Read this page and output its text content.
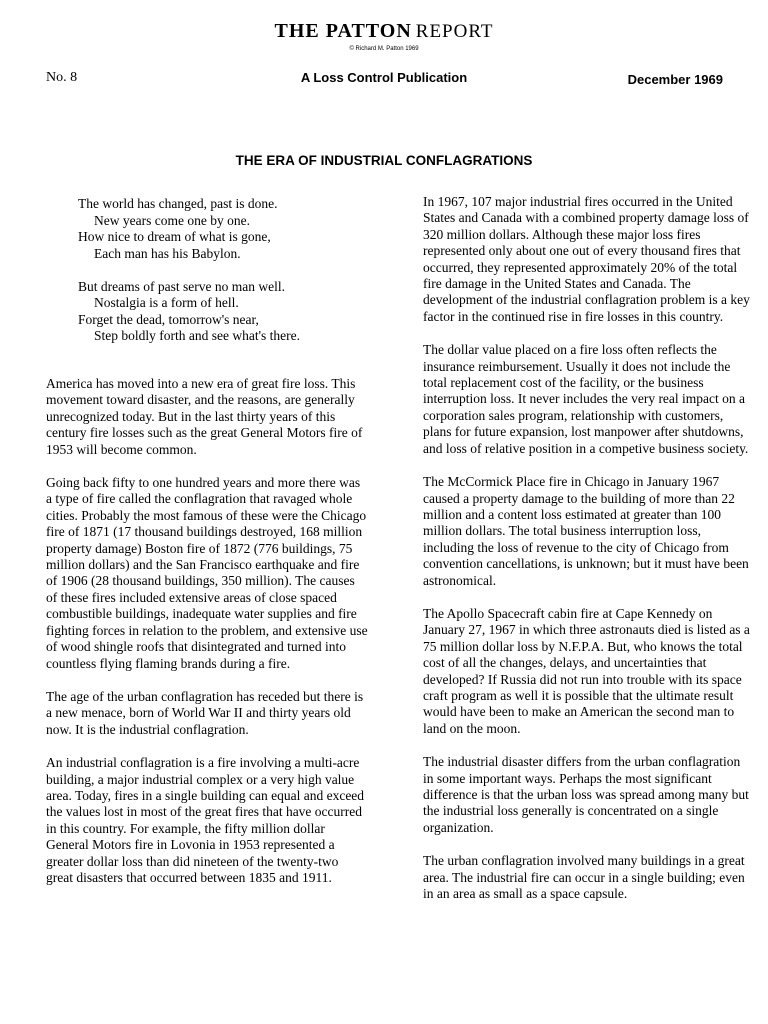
THE PATTON REPORT
© Richard M. Patton 1969
No. 8	A Loss Control Publication	December 1969
THE ERA OF INDUSTRIAL CONFLAGRATIONS
The world has changed, past is done.
New years come one by one.
How nice to dream of what is gone,
Each man has his Babylon.
But dreams of past serve no man well.
Nostalgia is a form of hell.
Forget the dead, tomorrow's near,
Step boldly forth and see what's there.

America has moved into a new era of great fire loss. This movement toward disaster, and the reasons, are generally unrecognized today. But in the last thirty years of this century fire losses such as the great General Motors fire of 1953 will become common.

Going back fifty to one hundred years and more there was a type of fire called the conflagration that ravaged whole cities. Probably the most famous of these were the Chicago fire of 1871 (17 thousand buildings destroyed, 168 million property damage) Boston fire of 1872 (776 buildings, 75 million dollars) and the San Francisco earthquake and fire of 1906 (28 thousand buildings, 350 million). The causes of these fires included extensive areas of close spaced combustible buildings, inadequate water supplies and fire fighting forces in relation to the problem, and extensive use of wood shingle roofs that disintegrated and turned into countless flying flaming brands during a fire.

The age of the urban conflagration has receded but there is a new menace, born of World War II and thirty years old now. It is the industrial conflagration.

An industrial conflagration is a fire involving a multi-acre building, a major industrial complex or a very high value area. Today, fires in a single building can equal and exceed the values lost in most of the great fires that have occurred in this country. For example, the fifty million dollar General Motors fire in Lovonia in 1953 represented a greater dollar loss than did nineteen of the twenty-two great disasters that occurred between 1835 and 1911.

In 1967, 107 major industrial fires occurred in the United States and Canada with a combined property damage loss of 320 million dollars. Although these major loss fires represented only about one out of every thousand fires that occurred, they represented approximately 20% of the total fire damage in the United States and Canada. The development of the industrial conflagration problem is a key factor in the continued rise in fire losses in this country.

The dollar value placed on a fire loss often reflects the insurance reimbursement. Usually it does not include the total replacement cost of the facility, or the business interruption loss. It never includes the very real impact on a corporation sales program, relationship with customers, plans for future expansion, lost manpower after shutdowns, and loss of relative position in a competive business society.

The McCormick Place fire in Chicago in January 1967 caused a property damage to the building of more than 22 million and a content loss estimated at greater than 100 million dollars. The total business interruption loss, including the loss of revenue to the city of Chicago from convention cancellations, is unknown; but it must have been astronomical.

The Apollo Spacecraft cabin fire at Cape Kennedy on January 27, 1967 in which three astronauts died is listed as a 75 million dollar loss by N.F.P.A. But, who knows the total cost of all the changes, delays, and uncertainties that developed? If Russia did not run into trouble with its space craft program as well it is possible that the ultimate result would have been to make an American the second man to land on the moon.

The industrial disaster differs from the urban conflagration in some important ways. Perhaps the most significant difference is that the urban loss was spread among many but the industrial loss generally is concentrated on a single organization.

The urban conflagration involved many buildings in a great area. The industrial fire can occur in a single building; even in an area as small as a space capsule.
